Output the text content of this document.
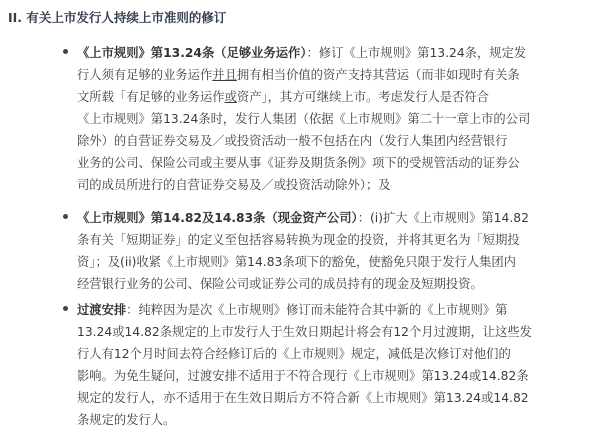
II. 有关上市发行人持续上市准则的修订
《上市规则》第13.24条（足够业务运作）：修订《上市规则》第13.24条，规定发
行人须有足够的业务运作并且拥有相当价值的资产支持其营运（而非如现时有关条
文所载「有足够的业务运作或资产」，其方可继续上市。考虑发行人是否符合
《上市规则》第13.24条时，发行人集团（依据《上市规则》第二十一章上市的公司
除外）的自营证券交易及／或投资活动一般不包括在内（发行人集团内经营银行
业务的公司、保险公司或主要从事《证券及期货条例》项下的受规管活动的证券公
司的成员所进行的自营证券交易及／或投资活动除外）；及
《上市规则》第14.82及14.83条（现金资产公司）：(i)扩大《上市规则》第14.82
条有关「短期证券」的定义至包括容易转换为现金的投资，并将其更名为「短期投
资」；及(ii)收紧《上市规则》第14.83条项下的豁免，使豁免只限于发行人集团内
经营银行业务的公司、保险公司或证券公司的成员持有的现金及短期投资。
过渡安排：纯粹因为是次《上市规则》修订而未能符合其中新的《上市规则》第
13.24或14.82条规定的上市发行人于生效日期起计将会有12个月过渡期，让这些发
行人有12个月时间去符合经修订后的《上市规则》规定，减低是次修订对他们的
影响。为免生疑问，过渡安排不适用于不符合现行《上市规则》第13.24或14.82条
规定的发行人，亦不适用于在生效日期后方不符合新《上市规则》第13.24或14.82
条规定的发行人。
